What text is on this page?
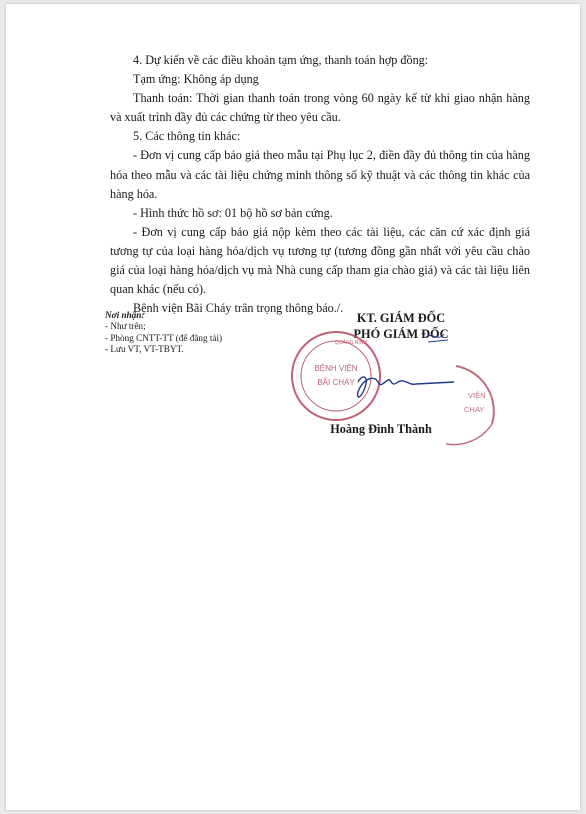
4. Dự kiến về các điều khoản tạm ứng, thanh toán hợp đồng:

Tạm ứng: Không áp dụng

Thanh toán: Thời gian thanh toán trong vòng 60 ngày kể từ khi giao nhận hàng và xuất trình đầy đủ các chứng từ theo yêu cầu.

5. Các thông tin khác:

- Đơn vị cung cấp báo giá theo mẫu tại Phụ lục 2, điền đầy đủ thông tin của hàng hóa theo mẫu và các tài liệu chứng minh thông số kỹ thuật và các thông tin khác của hàng hóa.

- Hình thức hồ sơ: 01 bộ hồ sơ bản cứng.

- Đơn vị cung cấp báo giá nộp kèm theo các tài liệu, các căn cứ xác định giá tương tự của loại hàng hóa/dịch vụ tương tự (tương đồng gần nhất với yêu cầu chào giá của loại hàng hóa/dịch vụ mà Nhà cung cấp tham gia chào giá) và các tài liệu liên quan khác (nếu có).

Bệnh viện Bãi Cháy trân trọng thông báo./.

Nơi nhận:
- Như trên;
- Phòng CNTT-TT (để đăng tải)
- Lưu VT, VT-TBYT.
KT. GIÁM ĐỐC
PHÓ GIÁM ĐỐC
BỆNH VIỆN
BÃI CHÁY
QUẢNG NINH
VIỆN
CHAY
Hoàng Đình Thành
